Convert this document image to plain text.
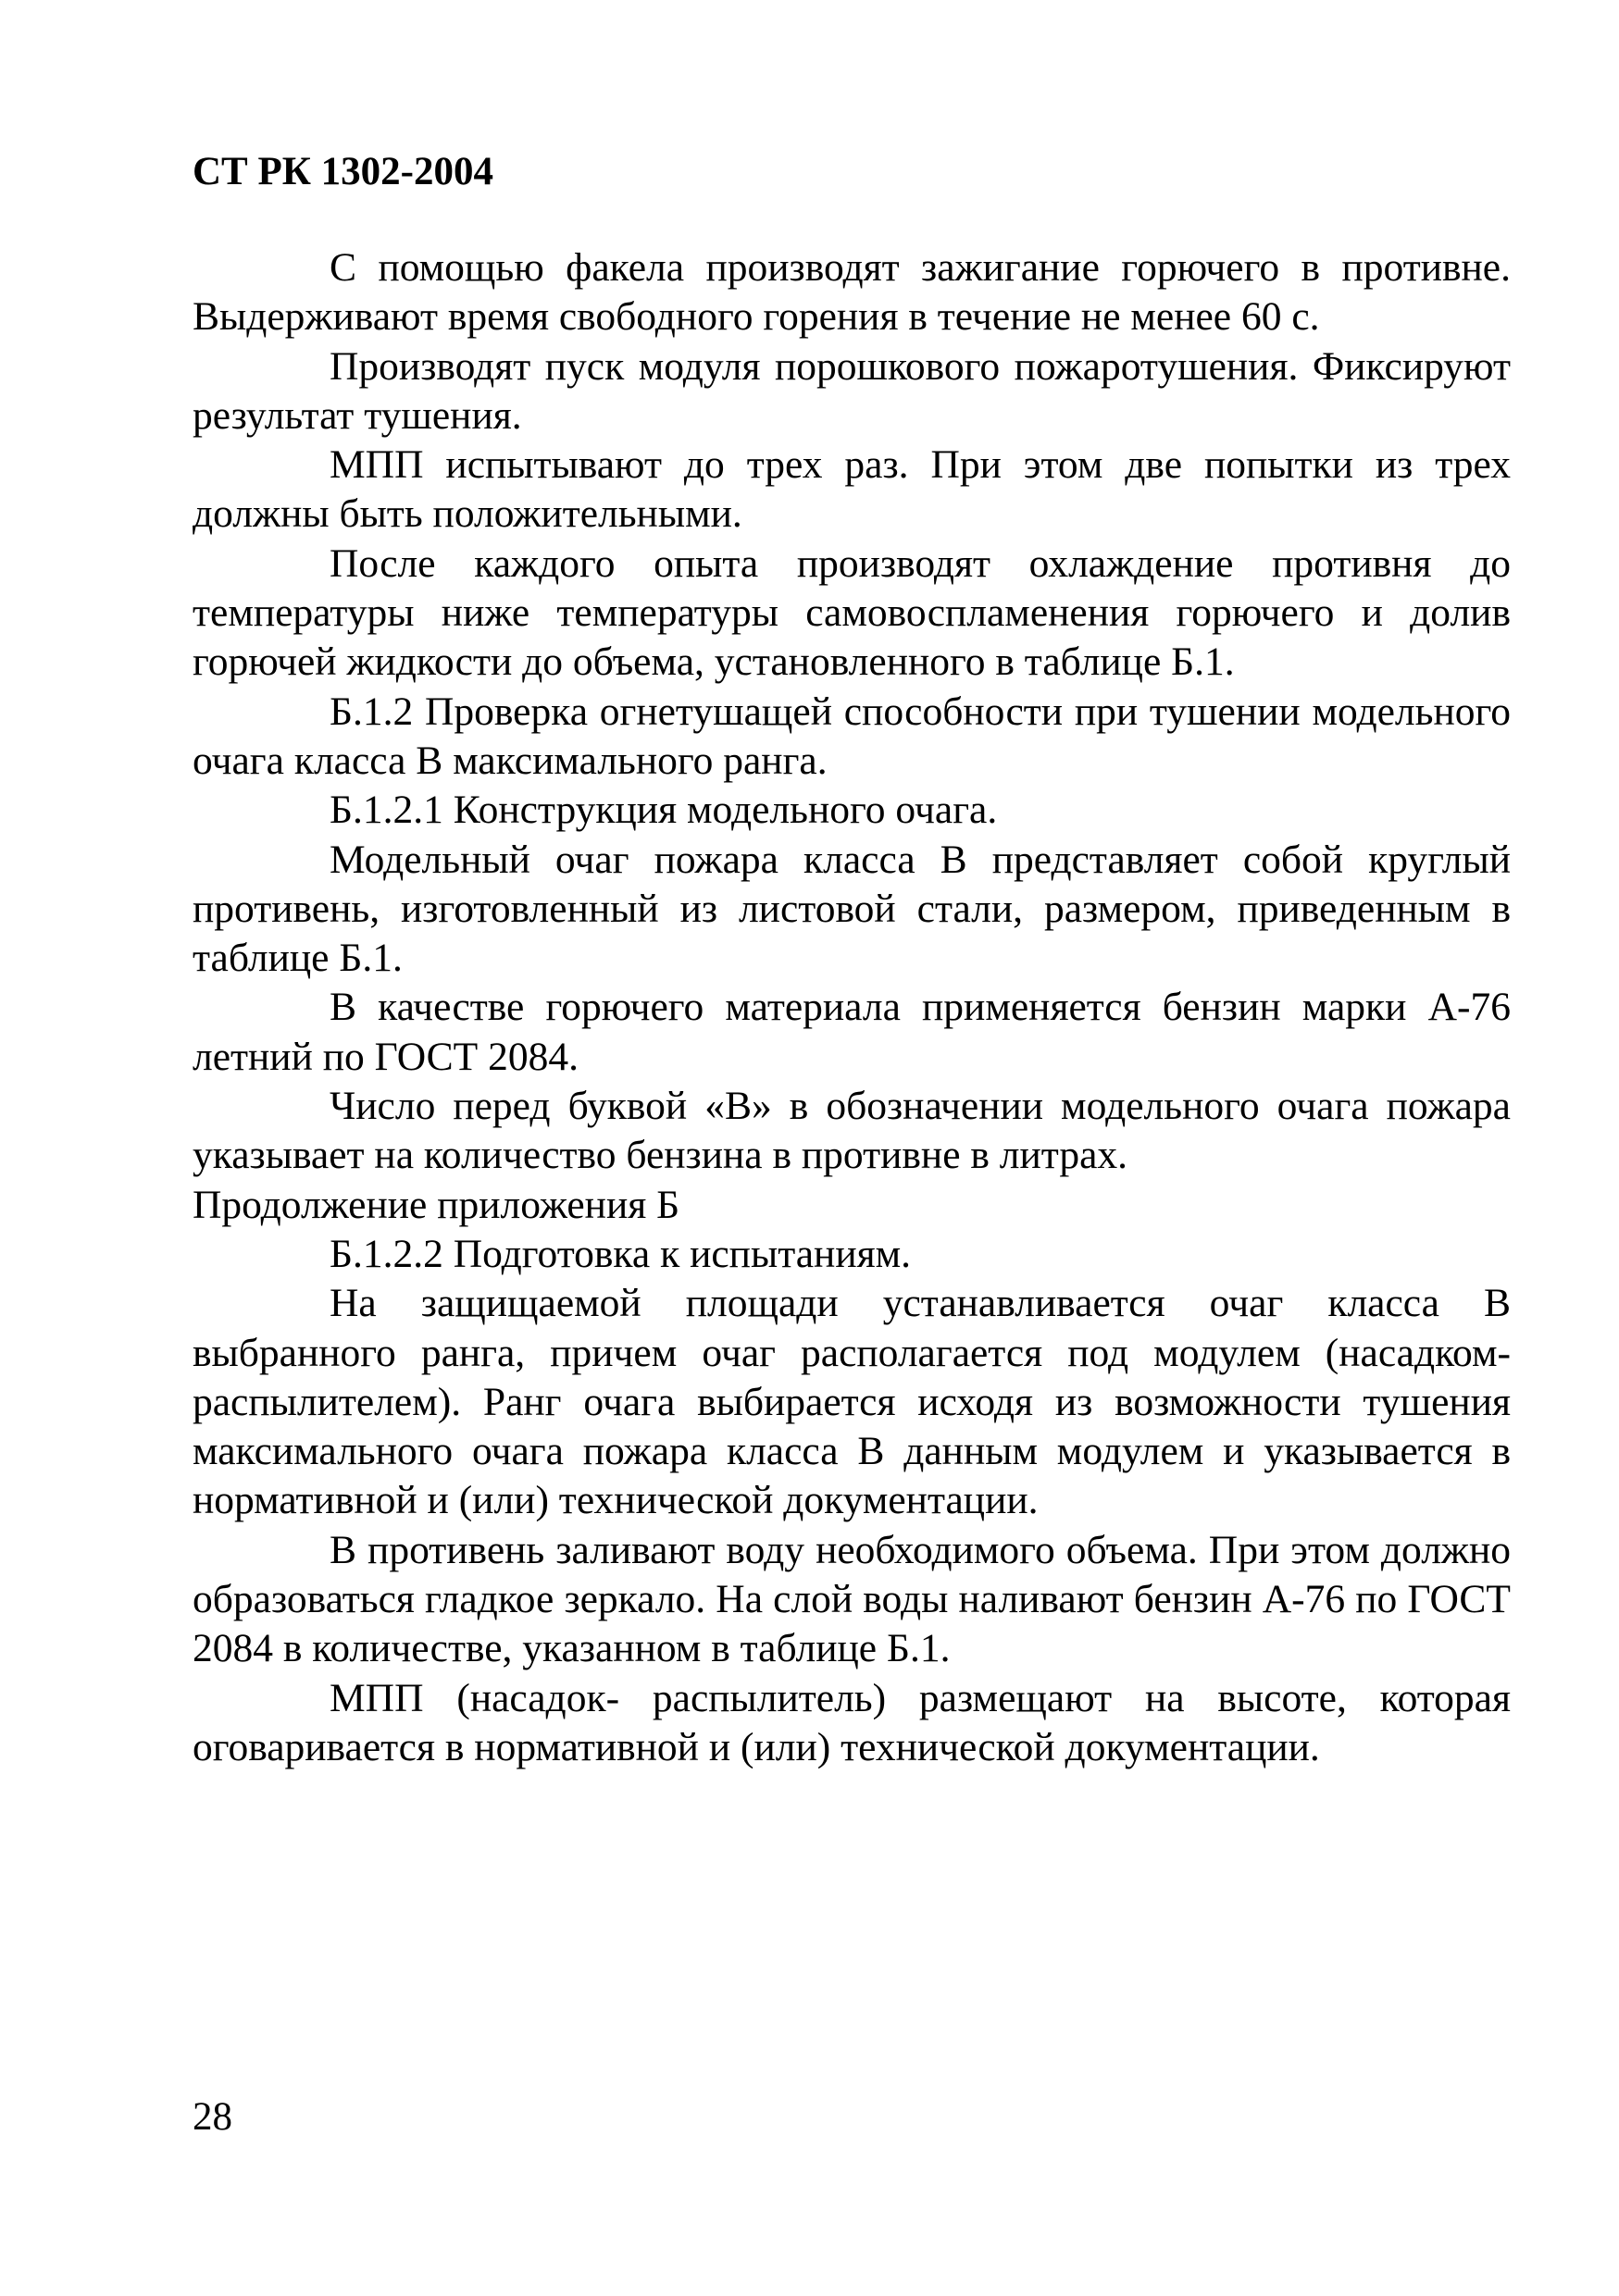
СТ РК 1302-2004

С помощью факела производят зажигание горючего в противне. Выдерживают время свободного горения в течение не менее 60 с.

Производят пуск модуля порошкового пожаротушения. Фиксируют результат тушения.

МПП испытывают до трех раз. При этом две попытки из трех должны быть положительными.

После каждого опыта производят охлаждение противня до температуры ниже температуры самовоспламенения горючего и долив горючей жидкости до объема, установленного в таблице Б.1.

Б.1.2 Проверка огнетушащей способности при тушении модельного очага класса В максимального ранга.

Б.1.2.1 Конструкция модельного очага.

Модельный очаг пожара класса В представляет собой круглый противень, изготовленный из листовой стали, размером, приведенным в таблице Б.1.

В качестве горючего материала применяется бензин марки А-76 летний по ГОСТ 2084.

Число перед буквой «В» в обозначении модельного очага пожара указывает на количество бензина в противне в литрах.

Продолжение приложения Б

Б.1.2.2 Подготовка к испытаниям.

На защищаемой площади устанавливается очаг класса В выбранного ранга, причем очаг располагается под модулем (насадком-распылителем). Ранг очага выбирается исходя из возможности тушения максимального очага пожара класса В данным модулем и указывается в нормативной и (или) технической документации.

В противень заливают воду необходимого объема. При этом должно образоваться гладкое зеркало. На слой воды наливают бензин А-76 по ГОСТ 2084 в количестве, указанном в таблице Б.1.

МПП (насадок- распылитель) размещают на высоте, которая оговаривается в нормативной и (или) технической документации.

28
